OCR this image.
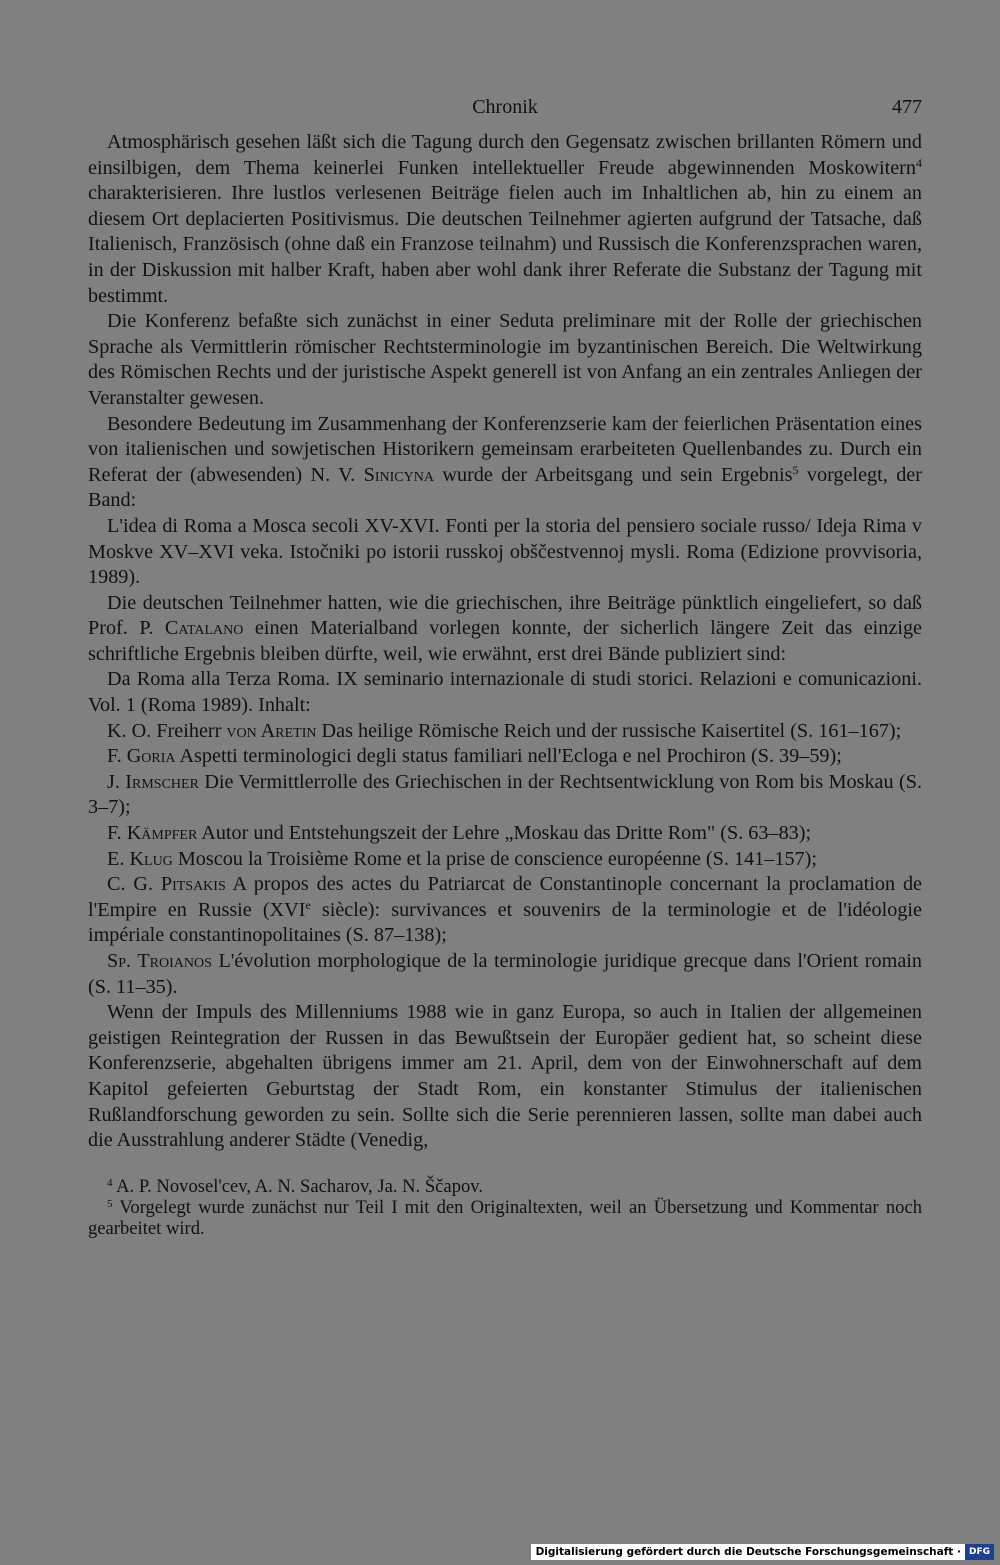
Chronik	477

Atmosphärisch gesehen läßt sich die Tagung durch den Gegensatz zwischen brillanten Römern und einsilbigen, dem Thema keinerlei Funken intellektueller Freude abgewinnenden Moskowitern$^4$ charakterisieren. Ihre lustlos verlesenen Beiträge fielen auch im Inhaltlichen ab, hin zu einem an diesem Ort deplacierten Positivismus. Die deutschen Teilnehmer agierten aufgrund der Tatsache, daß Italienisch, Französisch (ohne daß ein Franzose teilnahm) und Russisch die Konferenzsprachen waren, in der Diskussion mit halber Kraft, haben aber wohl dank ihrer Referate die Substanz der Tagung mit bestimmt.

Die Konferenz befaßte sich zunächst in einer Seduta preliminare mit der Rolle der griechischen Sprache als Vermittlerin römischer Rechtsterminologie im byzantinischen Bereich. Die Weltwirkung des Römischen Rechts und der juristische Aspekt generell ist von Anfang an ein zentrales Anliegen der Veranstalter gewesen.

Besondere Bedeutung im Zusammenhang der Konferenzserie kam der feierlichen Präsentation eines von italienischen und sowjetischen Historikern gemeinsam erarbeiteten Quellenbandes zu. Durch ein Referat der (abwesenden) N. V. Sinicyna wurde der Arbeitsgang und sein Ergebnis$^5$ vorgelegt, der Band:

L'idea di Roma a Mosca secoli XV-XVI. Fonti per la storia del pensiero sociale russo/ Ideja Rima v Moskve XV–XVI veka. Istočniki po istorii russkoj obščestvennoj mysli. Roma (Edizione provvisoria, 1989).

Die deutschen Teilnehmer hatten, wie die griechischen, ihre Beiträge pünktlich eingeliefert, so daß Prof. P. Catalano einen Materialband vorlegen konnte, der sicherlich längere Zeit das einzige schriftliche Ergebnis bleiben dürfte, weil, wie erwähnt, erst drei Bände publiziert sind:

Da Roma alla Terza Roma. IX seminario internazionale di studi storici. Relazioni e comunicazioni. Vol. 1 (Roma 1989). Inhalt:

K. O. Freiherr von Aretin Das heilige Römische Reich und der russische Kaisertitel (S. 161–167);

F. Goria Aspetti terminologici degli status familiari nell'Ecloga e nel Prochiron (S. 39–59);

J. Irmscher Die Vermittlerrolle des Griechischen in der Rechtsentwicklung von Rom bis Moskau (S. 3–7);

F. Kämpfer Autor und Entstehungszeit der Lehre „Moskau das Dritte Rom" (S. 63–83);

E. Klug Moscou la Troisième Rome et la prise de conscience européenne (S. 141–157);

C. G. Pitsakis A propos des actes du Patriarcat de Constantinople concernant la proclamation de l'Empire en Russie (XVIe siècle): survivances et souvenirs de la terminologie et de l'idéologie impériale constantinopolitaines (S. 87–138);

Sp. Troianos L'évolution morphologique de la terminologie juridique grecque dans l'Orient romain (S. 11–35).

Wenn der Impuls des Millenniums 1988 wie in ganz Europa, so auch in Italien der allgemeinen geistigen Reintegration der Russen in das Bewußtsein der Europäer gedient hat, so scheint diese Konferenzserie, abgehalten übrigens immer am 21. April, dem von der Einwohnerschaft auf dem Kapitol gefeierten Geburtstag der Stadt Rom, ein konstanter Stimulus der italienischen Rußlandforschung geworden zu sein. Sollte sich die Serie perennieren lassen, sollte man dabei auch die Ausstrahlung anderer Städte (Venedig,

$^4$ A. P. Novosel'cev, A. N. Sacharov, Ja. N. Ščapov.

$^5$ Vorgelegt wurde zunächst nur Teil I mit den Originaltexten, weil an Übersetzung und Kommentar noch gearbeitet wird.

Digitalisierung gefördert durch die Deutsche Forschungsgemeinschaft · DFG
